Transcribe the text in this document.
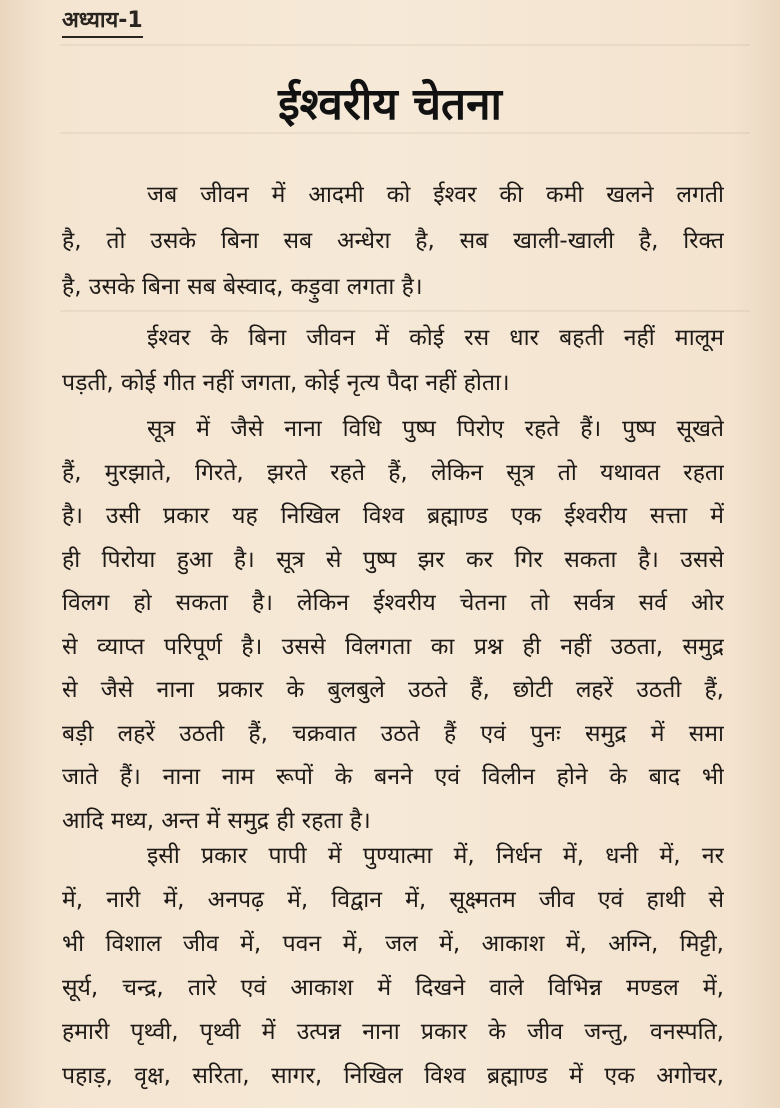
अध्याय-1
ईश्वरीय चेतना
जब जीवन में आदमी को ईश्वर की कमी खलने लगती
है, तो उसके बिना सब अन्धेरा है, सब खाली-खाली है, रिक्त
है, उसके बिना सब बेस्वाद, कड़ुवा लगता है।
ईश्वर के बिना जीवन में कोई रस धार बहती नहीं मालूम
पड़ती, कोई गीत नहीं जगता, कोई नृत्य पैदा नहीं होता।
सूत्र में जैसे नाना विधि पुष्प पिरोए रहते हैं। पुष्प सूखते
हैं, मुरझाते, गिरते, झरते रहते हैं, लेकिन सूत्र तो यथावत रहता
है। उसी प्रकार यह निखिल विश्व ब्रह्माण्ड एक ईश्वरीय सत्ता में
ही पिरोया हुआ है। सूत्र से पुष्प झर कर गिर सकता है। उससे
विलग हो सकता है। लेकिन ईश्वरीय चेतना तो सर्वत्र सर्व ओर
से व्याप्त परिपूर्ण है। उससे विलगता का प्रश्न ही नहीं उठता, समुद्र
से जैसे नाना प्रकार के बुलबुले उठते हैं, छोटी लहरें उठती हैं,
बड़ी लहरें उठती हैं, चक्रवात उठते हैं एवं पुनः समुद्र में समा
जाते हैं। नाना नाम रूपों के बनने एवं विलीन होने के बाद भी
आदि मध्य, अन्त में समुद्र ही रहता है।
इसी प्रकार पापी में पुण्यात्मा में, निर्धन में, धनी में, नर
में, नारी में, अनपढ़ में, विद्वान में, सूक्ष्मतम जीव एवं हाथी से
भी विशाल जीव में, पवन में, जल में, आकाश में, अग्नि, मिट्टी,
सूर्य, चन्द्र, तारे एवं आकाश में दिखने वाले विभिन्न मण्डल में,
हमारी पृथ्वी, पृथ्वी में उत्पन्न नाना प्रकार के जीव जन्तु, वनस्पति,
पहाड़, वृक्ष, सरिता, सागर, निखिल विश्व ब्रह्माण्ड में एक अगोचर,
